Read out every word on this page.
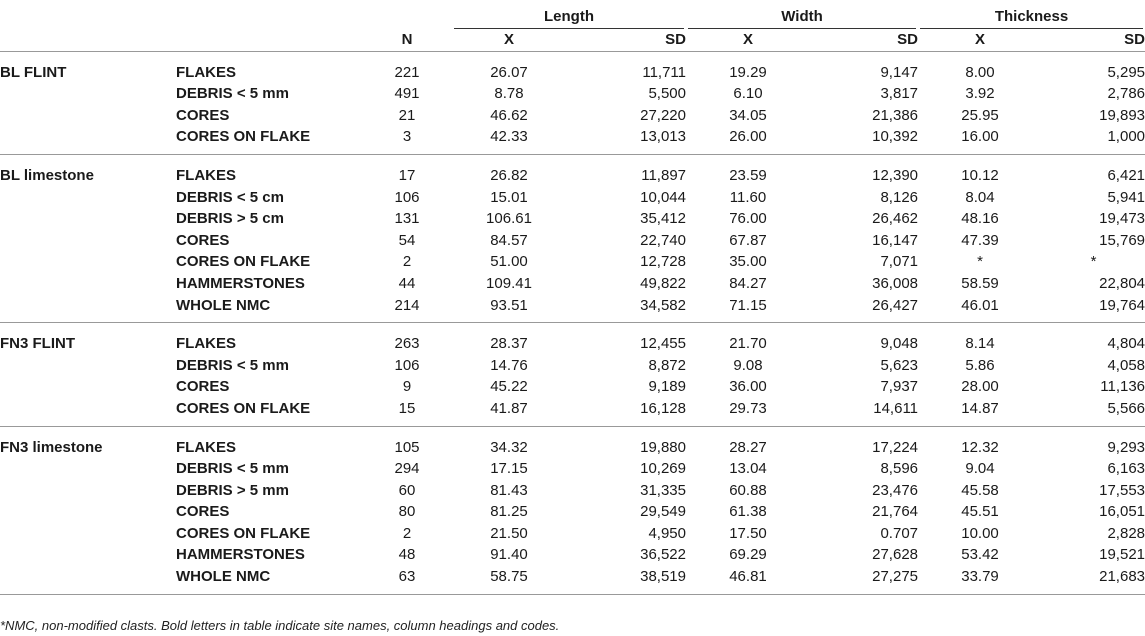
			Length		Width		Thickness	

		N	X	SD	X	SD	X	SD
BL FLINT	FLAKES	221	26.07	11,711	19.29	9,147	8.00	5,295
	DEBRIS < 5 mm	491	8.78	5,500	6.10	3,817	3.92	2,786
	CORES	21	46.62	27,220	34.05	21,386	25.95	19,893
	CORES ON FLAKE	3	42.33	13,013	26.00	10,392	16.00	1,000
BL limestone	FLAKES	17	26.82	11,897	23.59	12,390	10.12	6,421
	DEBRIS < 5 cm	106	15.01	10,044	11.60	8,126	8.04	5,941
	DEBRIS > 5 cm	131	106.61	35,412	76.00	26,462	48.16	19,473
	CORES	54	84.57	22,740	67.87	16,147	47.39	15,769
	CORES ON FLAKE	2	51.00	12,728	35.00	7,071	*	*
	HAMMERSTONES	44	109.41	49,822	84.27	36,008	58.59	22,804
	WHOLE NMC	214	93.51	34,582	71.15	26,427	46.01	19,764
FN3 FLINT	FLAKES	263	28.37	12,455	21.70	9,048	8.14	4,804
	DEBRIS < 5 mm	106	14.76	8,872	9.08	5,623	5.86	4,058
	CORES	9	45.22	9,189	36.00	7,937	28.00	11,136
	CORES ON FLAKE	15	41.87	16,128	29.73	14,611	14.87	5,566
FN3 limestone	FLAKES	105	34.32	19,880	28.27	17,224	12.32	9,293
	DEBRIS < 5 mm	294	17.15	10,269	13.04	8,596	9.04	6,163
	DEBRIS > 5 mm	60	81.43	31,335	60.88	23,476	45.58	17,553
	CORES	80	81.25	29,549	61.38	21,764	45.51	16,051
	CORES ON FLAKE	2	21.50	4,950	17.50	0.707	10.00	2,828
	HAMMERSTONES	48	91.40	36,522	69.29	27,628	53.42	19,521
	WHOLE NMC	63	58.75	38,519	46.81	27,275	33.79	21,683
*NMC, non-modified clasts. Bold letters in table indicate site names, column headings and codes.
